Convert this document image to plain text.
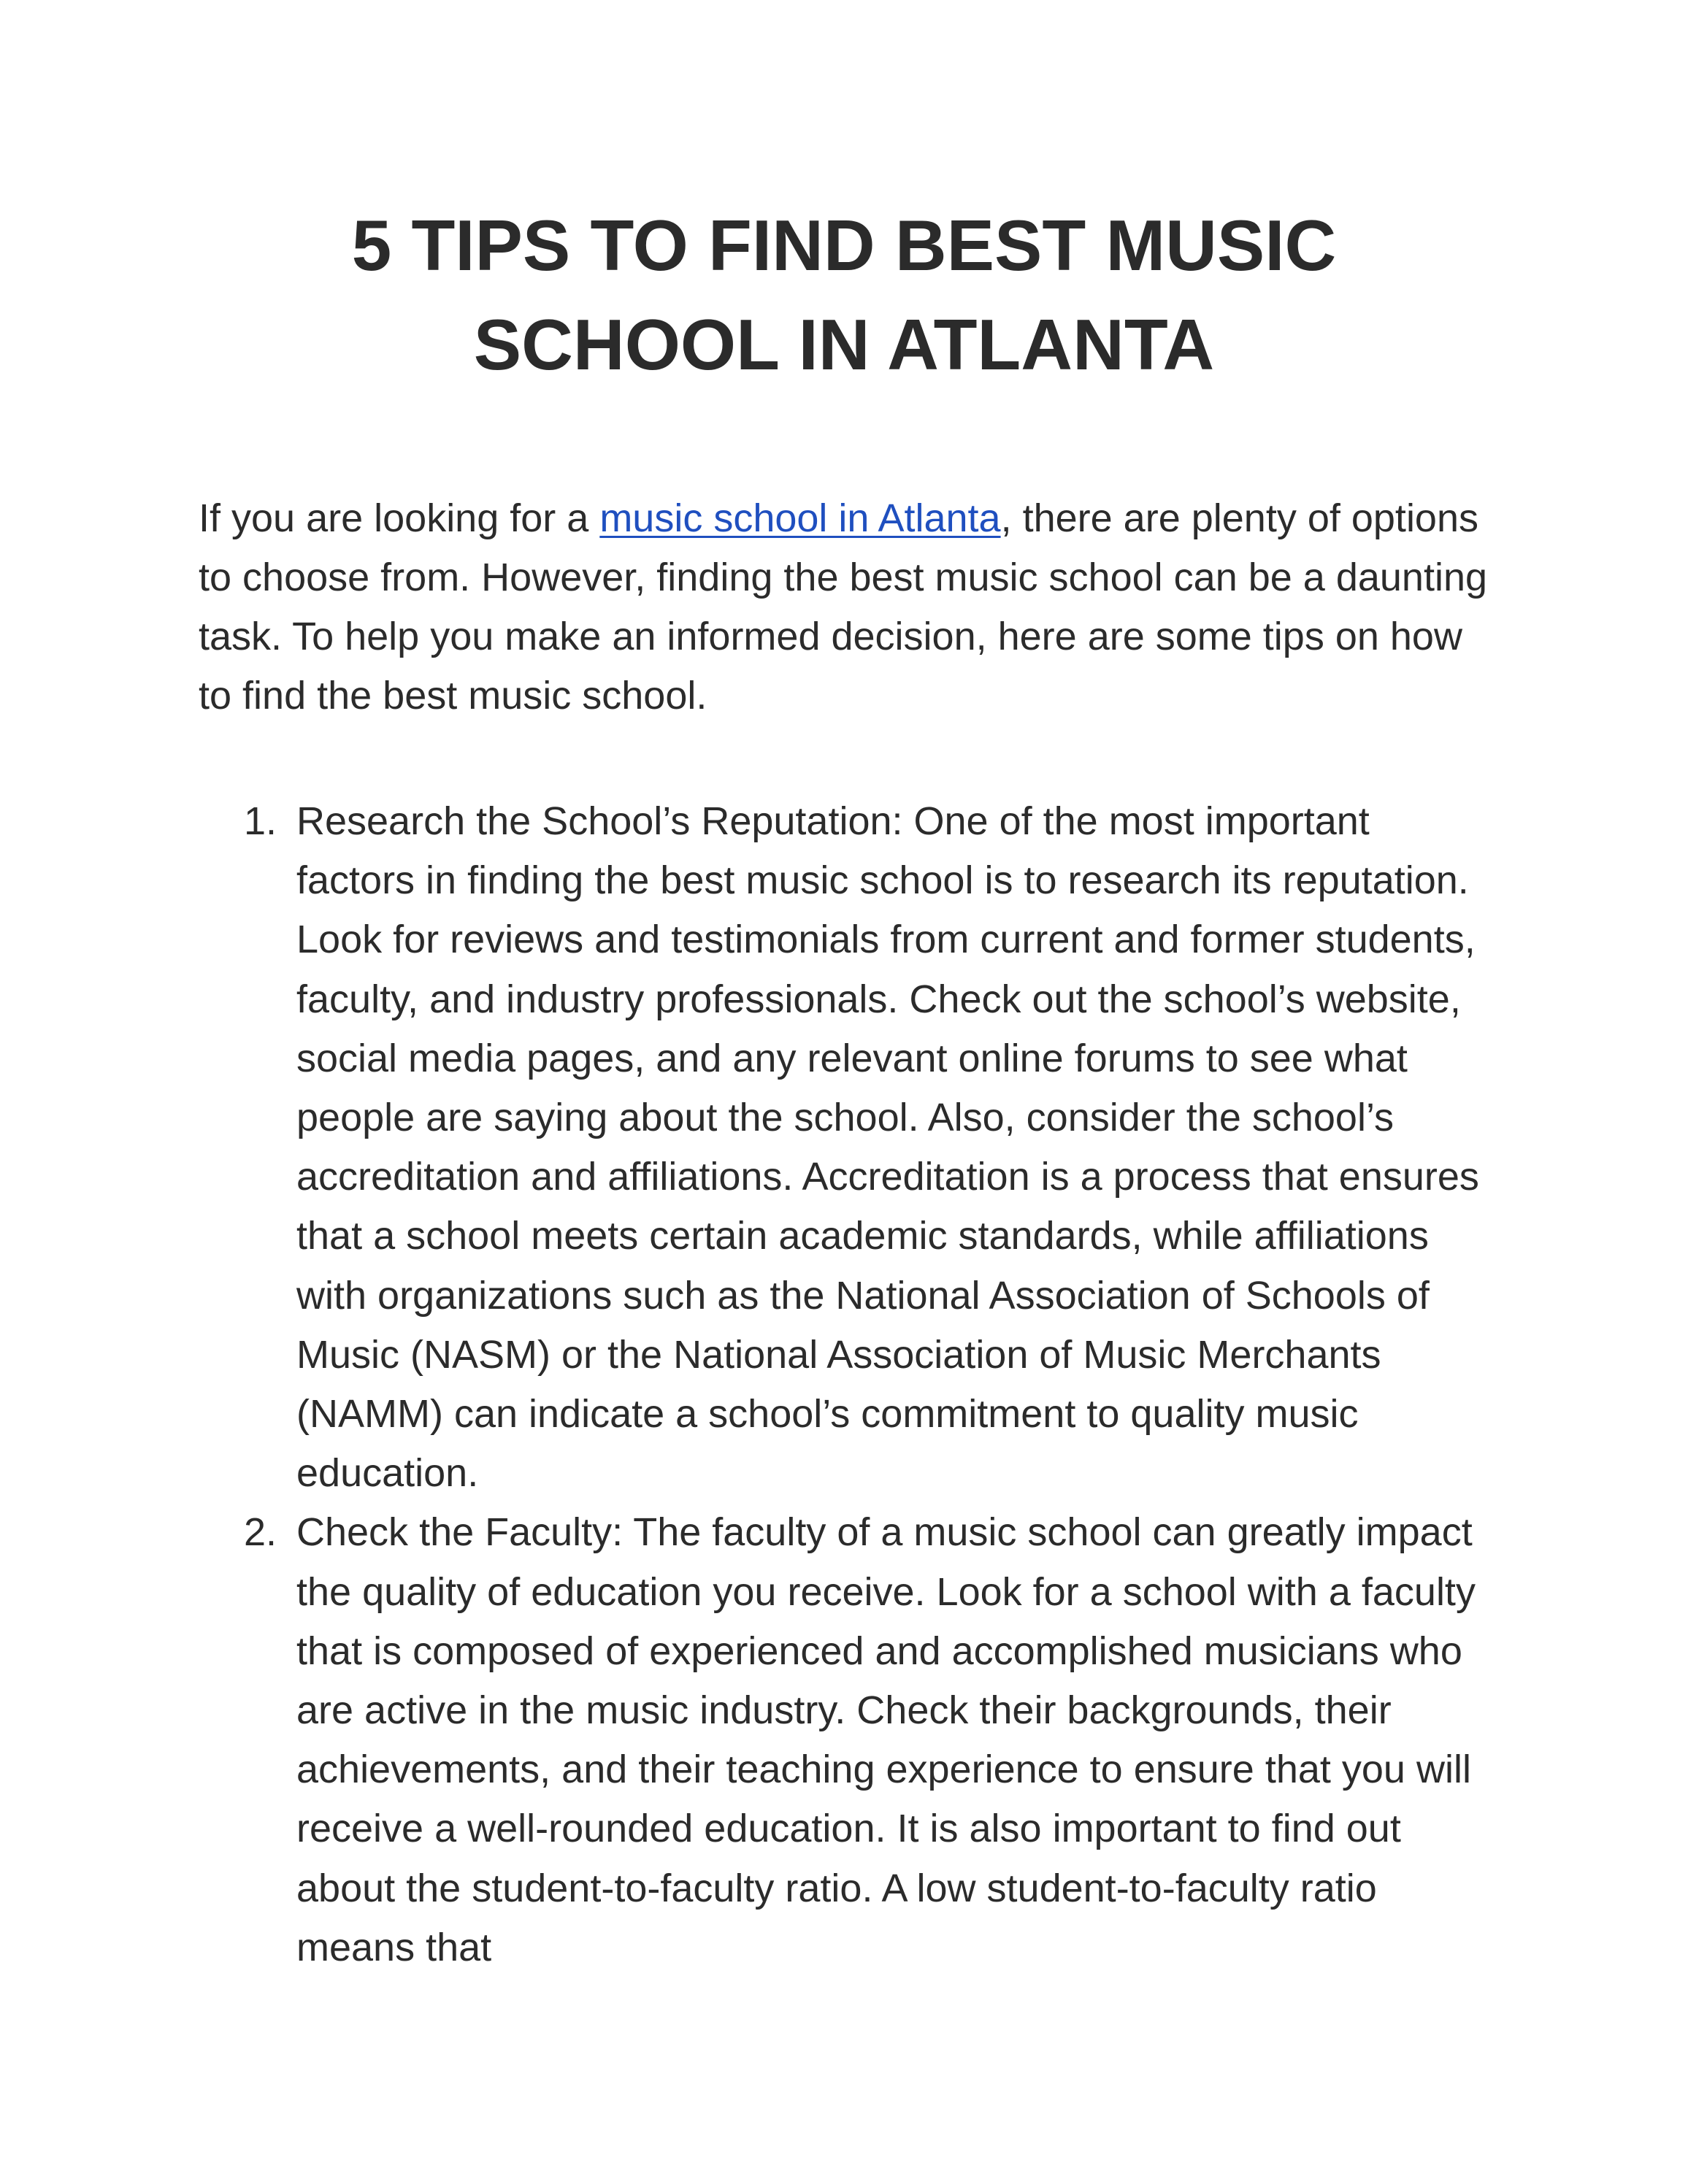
5 TIPS TO FIND BEST MUSIC SCHOOL IN ATLANTA

If you are looking for a music school in Atlanta, there are plenty of options to choose from. However, finding the best music school can be a daunting task. To help you make an informed decision, here are some tips on how to find the best music school.

1. Research the School’s Reputation: One of the most important factors in finding the best music school is to research its reputation. Look for reviews and testimonials from current and former students, faculty, and industry professionals. Check out the school’s website, social media pages, and any relevant online forums to see what people are saying about the school. Also, consider the school’s accreditation and affiliations. Accreditation is a process that ensures that a school meets certain academic standards, while affiliations with organizations such as the National Association of Schools of Music (NASM) or the National Association of Music Merchants (NAMM) can indicate a school’s commitment to quality music education.
2. Check the Faculty: The faculty of a music school can greatly impact the quality of education you receive. Look for a school with a faculty that is composed of experienced and accomplished musicians who are active in the music industry. Check their backgrounds, their achievements, and their teaching experience to ensure that you will receive a well-rounded education. It is also important to find out about the student-to-faculty ratio. A low student-to-faculty ratio means that
